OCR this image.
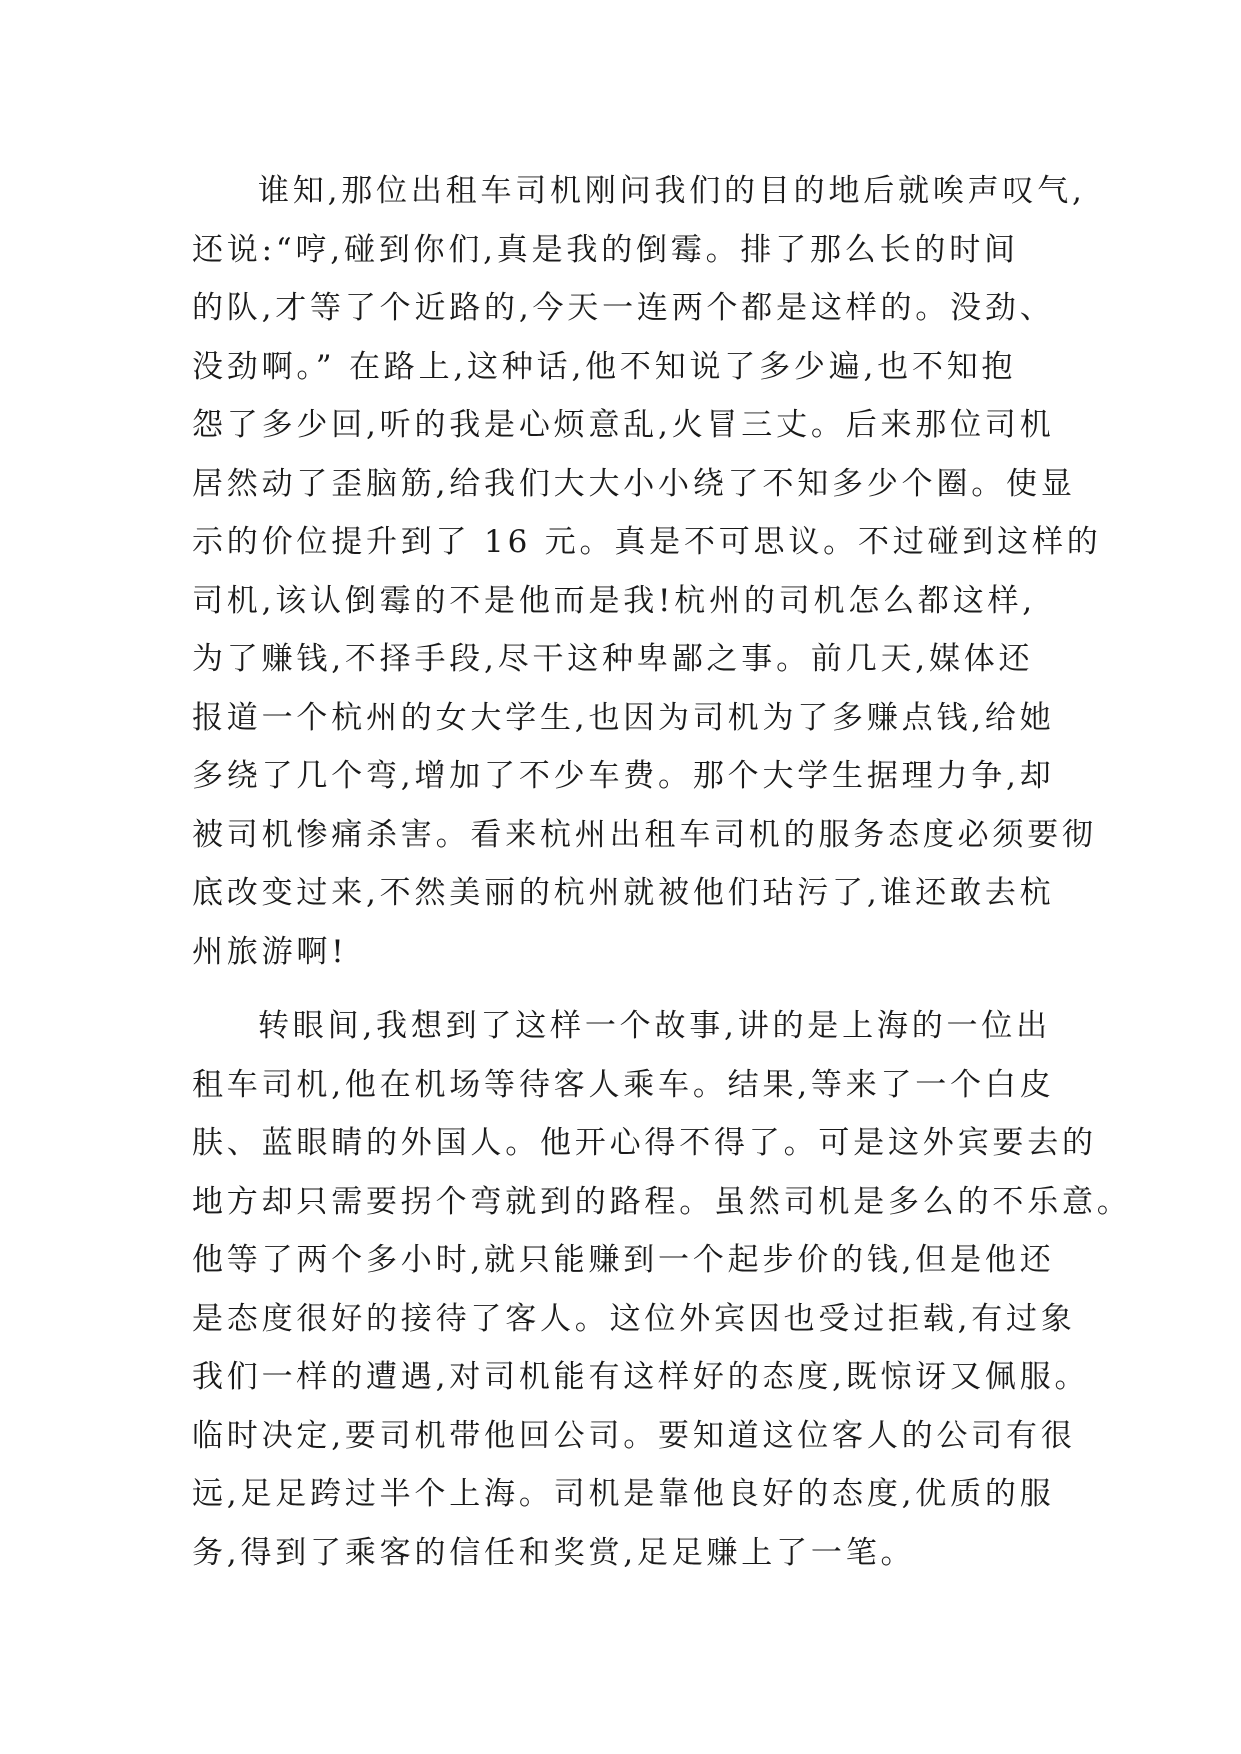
谁知,那位出租车司机刚问我们的目的地后就唉声叹气,
还说:“哼,碰到你们,真是我的倒霉。排了那么长的时间
的队,才等了个近路的,今天一连两个都是这样的。没劲、
没劲啊。” 在路上,这种话,他不知说了多少遍,也不知抱
怨了多少回,听的我是心烦意乱,火冒三丈。后来那位司机
居然动了歪脑筋,给我们大大小小绕了不知多少个圈。使显
示的价位提升到了 16 元。真是不可思议。不过碰到这样的
司机,该认倒霉的不是他而是我!杭州的司机怎么都这样,
为了赚钱,不择手段,尽干这种卑鄙之事。前几天,媒体还
报道一个杭州的女大学生,也因为司机为了多赚点钱,给她
多绕了几个弯,增加了不少车费。那个大学生据理力争,却
被司机惨痛杀害。看来杭州出租车司机的服务态度必须要彻
底改变过来,不然美丽的杭州就被他们玷污了,谁还敢去杭
州旅游啊!
转眼间,我想到了这样一个故事,讲的是上海的一位出
租车司机,他在机场等待客人乘车。结果,等来了一个白皮
肤、蓝眼睛的外国人。他开心得不得了。可是这外宾要去的
地方却只需要拐个弯就到的路程。虽然司机是多么的不乐意。
他等了两个多小时,就只能赚到一个起步价的钱,但是他还
是态度很好的接待了客人。这位外宾因也受过拒载,有过象
我们一样的遭遇,对司机能有这样好的态度,既惊讶又佩服。
临时决定,要司机带他回公司。要知道这位客人的公司有很
远,足足跨过半个上海。司机是靠他良好的态度,优质的服
务,得到了乘客的信任和奖赏,足足赚上了一笔。
